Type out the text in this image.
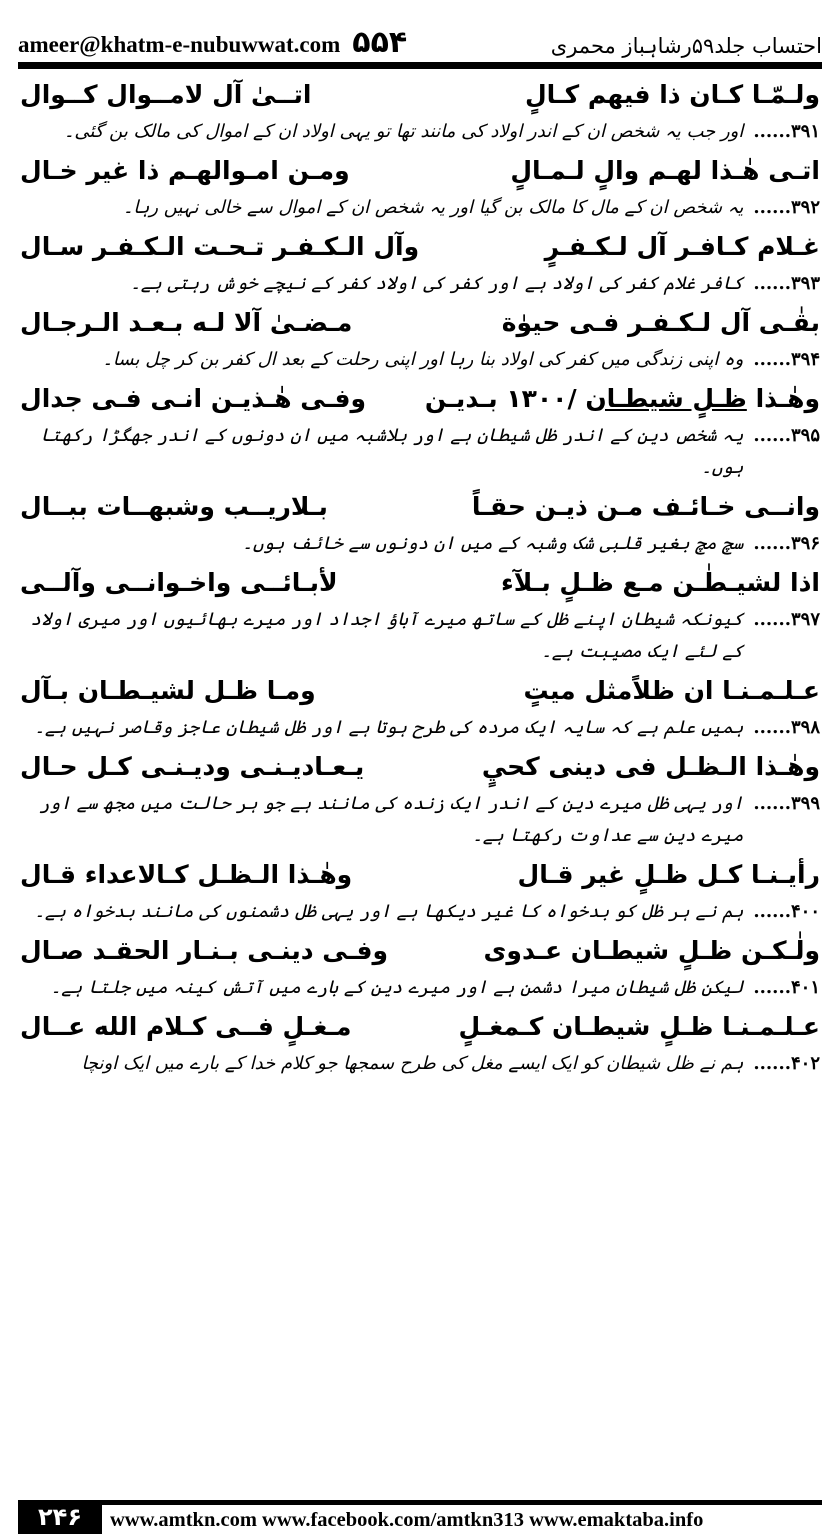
ameer@khatm-e-nubuwwat.com ۵۵۴	احتساب جلد۵۹رشاہباز محمری
ولـمّـا كـان ذا فيهم كـالٍ
اتــىٰ آل لامــوال كــوال
۳۹۱......
اور جب یہ شخص ان کے اندر اولاد کی مانند تھا تو یہی اولاد ان کے اموال کی مالک بن گئی۔
اتـى هٰـذا لهـم والٍ لـمـالٍ
ومـن امـوالهـم ذا غير خـال
۳۹۲......
یہ شخص ان کے مال کا مالک بن گیا اور یہ شخص ان کے اموال سے خالی نہیں رہا۔
غـلام كـافـر آل لـكـفـرٍ
وآل الـكـفـر تـحـت الـكـفـر سـال
۳۹۳......
کافر غلام کفر کی اولاد ہے اور کفر کی اولاد کفر کے نیچے خوش رہتی ہے۔
بقٰـى آل لـكـفـر فـى حيوٰة
مـضـىٰ آلا لـه بـعـد الـرجـال
۳۹۴......
وہ اپنی زندگی میں کفر کی اولاد بنا رہا اور اپنی رحلت کے بعد ال کفر بن کر چل بسا۔
وهٰـذا ظـلٍ شيطـان /۱۳۰۰ بـديـن
وفـى هٰـذيـن انـى فـى جدال
۳۹۵......
یہ شخص دین کے اندر ظل شیطان ہے اور بلاشبہ میں ان دونوں کے اندر جھگڑا رکھتا ہوں۔
وانــى خـائـف مـن ذيـن حقـاً
بـلاريــب وشبهــات ببــال
۳۹۶......
سچ مچ بغیر قلبی شک وشبہ کے میں ان دونوں سے خائف ہوں۔
اذا لشيـطٰـن مـع ظـلٍ بـلآء
لأبـائــى واخـوانــى وآلــى
۳۹۷......
کیونکہ شیطان اپنے ظل کے ساتھ میرے آباؤ اجداد اور میرے بھائیوں اور میری اولاد کے لئے ایک مصیبت ہے۔
عـلـمـنـا ان ظلاًمثل ميتٍ
ومـا ظـل لشيـطـان بـآل
۳۹۸......
ہمیں علم ہے کہ سایہ ایک مردہ کی طرح ہوتا ہے اور ظل شیطان عاجز وقاصر نہیں ہے۔
وهٰـذا الـظـل فى دينى كحيٍ
يـعـاديـنـى وديـنـى كـل حـال
۳۹۹......
اور یہی ظل میرے دین کے اندر ایک زندہ کی مانند ہے جو ہر حالت میں مجھ سے اور میرے دین سے عداوت رکھتا ہے۔
رأيـنـا كـل ظـلٍ غير قـال
وهٰـذا الـظـل كـالاعداء قـال
۴۰۰......
ہم نے ہر ظل کو بدخواہ کا غیر دیکھا ہے اور یہی ظل دشمنوں کی مانند بدخواہ ہے۔
ولٰـكـن ظـلٍ شيطـان عـدوى
وفـى دينـى بـنـار الحقـد صـال
۴۰۱......
لیکن ظل شیطان میرا دشمن ہے اور میرے دین کے بارے میں آتش کینہ میں جلتا ہے۔
عـلـمـنـا ظـلٍ شيطـان كـمغـلٍ
مـغـلٍ فــى كـلام الله عــال
۴۰۲......
ہم نے ظل شیطان کو ایک ایسے مغل کی طرح سمجھا جو کلام خدا کے بارے میں ایک اونچا
۲۴۶	www.amtkn.com www.facebook.com/amtkn313 www.emaktaba.info
